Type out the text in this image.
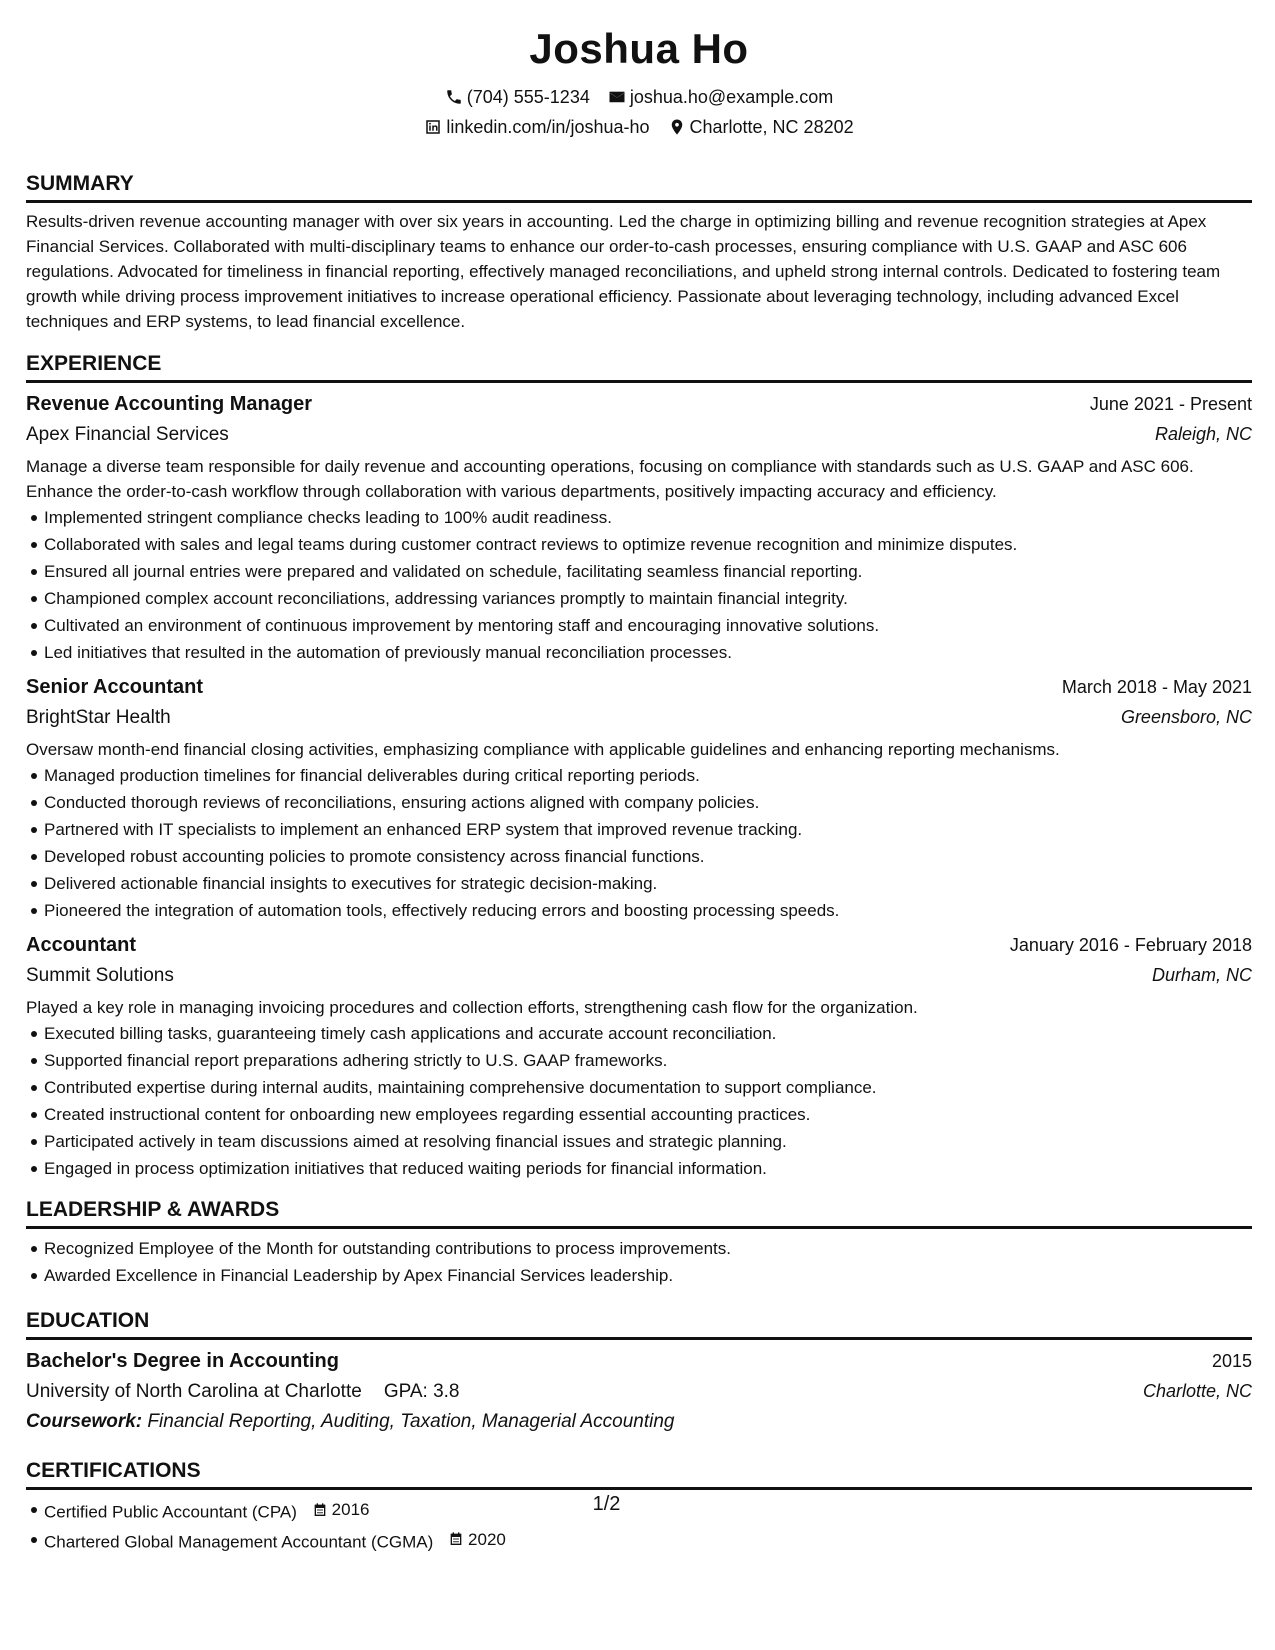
Joshua Ho
(704) 555-1234 joshua.ho@example.com
linkedin.com/in/joshua-ho Charlotte, NC 28202
SUMMARY

Results-driven revenue accounting manager with over six years in accounting. Led the charge in optimizing billing and revenue recognition strategies at Apex Financial Services. Collaborated with multi-disciplinary teams to enhance our order-to-cash processes, ensuring compliance with U.S. GAAP and ASC 606 regulations. Advocated for timeliness in financial reporting, effectively managed reconciliations, and upheld strong internal controls. Dedicated to fostering team growth while driving process improvement initiatives to increase operational efficiency. Passionate about leveraging technology, including advanced Excel techniques and ERP systems, to lead financial excellence.

EXPERIENCE
Revenue Accounting Manager	June 2021 - Present
Apex Financial Services	Raleigh, NC

Manage a diverse team responsible for daily revenue and accounting operations, focusing on compliance with standards such as U.S. GAAP and ASC 606. Enhance the order-to-cash workflow through collaboration with various departments, positively impacting accuracy and efficiency.

Implemented stringent compliance checks leading to 100% audit readiness.
Collaborated with sales and legal teams during customer contract reviews to optimize revenue recognition and minimize disputes.
Ensured all journal entries were prepared and validated on schedule, facilitating seamless financial reporting.
Championed complex account reconciliations, addressing variances promptly to maintain financial integrity.
Cultivated an environment of continuous improvement by mentoring staff and encouraging innovative solutions.
Led initiatives that resulted in the automation of previously manual reconciliation processes.
Senior Accountant	March 2018 - May 2021
BrightStar Health	Greensboro, NC

Oversaw month-end financial closing activities, emphasizing compliance with applicable guidelines and enhancing reporting mechanisms.

Managed production timelines for financial deliverables during critical reporting periods.
Conducted thorough reviews of reconciliations, ensuring actions aligned with company policies.
Partnered with IT specialists to implement an enhanced ERP system that improved revenue tracking.
Developed robust accounting policies to promote consistency across financial functions.
Delivered actionable financial insights to executives for strategic decision-making.
Pioneered the integration of automation tools, effectively reducing errors and boosting processing speeds.
Accountant	January 2016 - February 2018
Summit Solutions	Durham, NC

Played a key role in managing invoicing procedures and collection efforts, strengthening cash flow for the organization.

Executed billing tasks, guaranteeing timely cash applications and accurate account reconciliation.
Supported financial report preparations adhering strictly to U.S. GAAP frameworks.
Contributed expertise during internal audits, maintaining comprehensive documentation to support compliance.
Created instructional content for onboarding new employees regarding essential accounting practices.
Participated actively in team discussions aimed at resolving financial issues and strategic planning.
Engaged in process optimization initiatives that reduced waiting periods for financial information.
LEADERSHIP & AWARDS
Recognized Employee of the Month for outstanding contributions to process improvements.
Awarded Excellence in Financial Leadership by Apex Financial Services leadership.
EDUCATION
Bachelor's Degree in Accounting	2015
University of North Carolina at Charlotte GPA: 3.8	Charlotte, NC
Coursework: Financial Reporting, Auditing, Taxation, Managerial Accounting
CERTIFICATIONS
Certified Public Accountant (CPA) 2016
Chartered Global Management Accountant (CGMA) 2020
1/2
